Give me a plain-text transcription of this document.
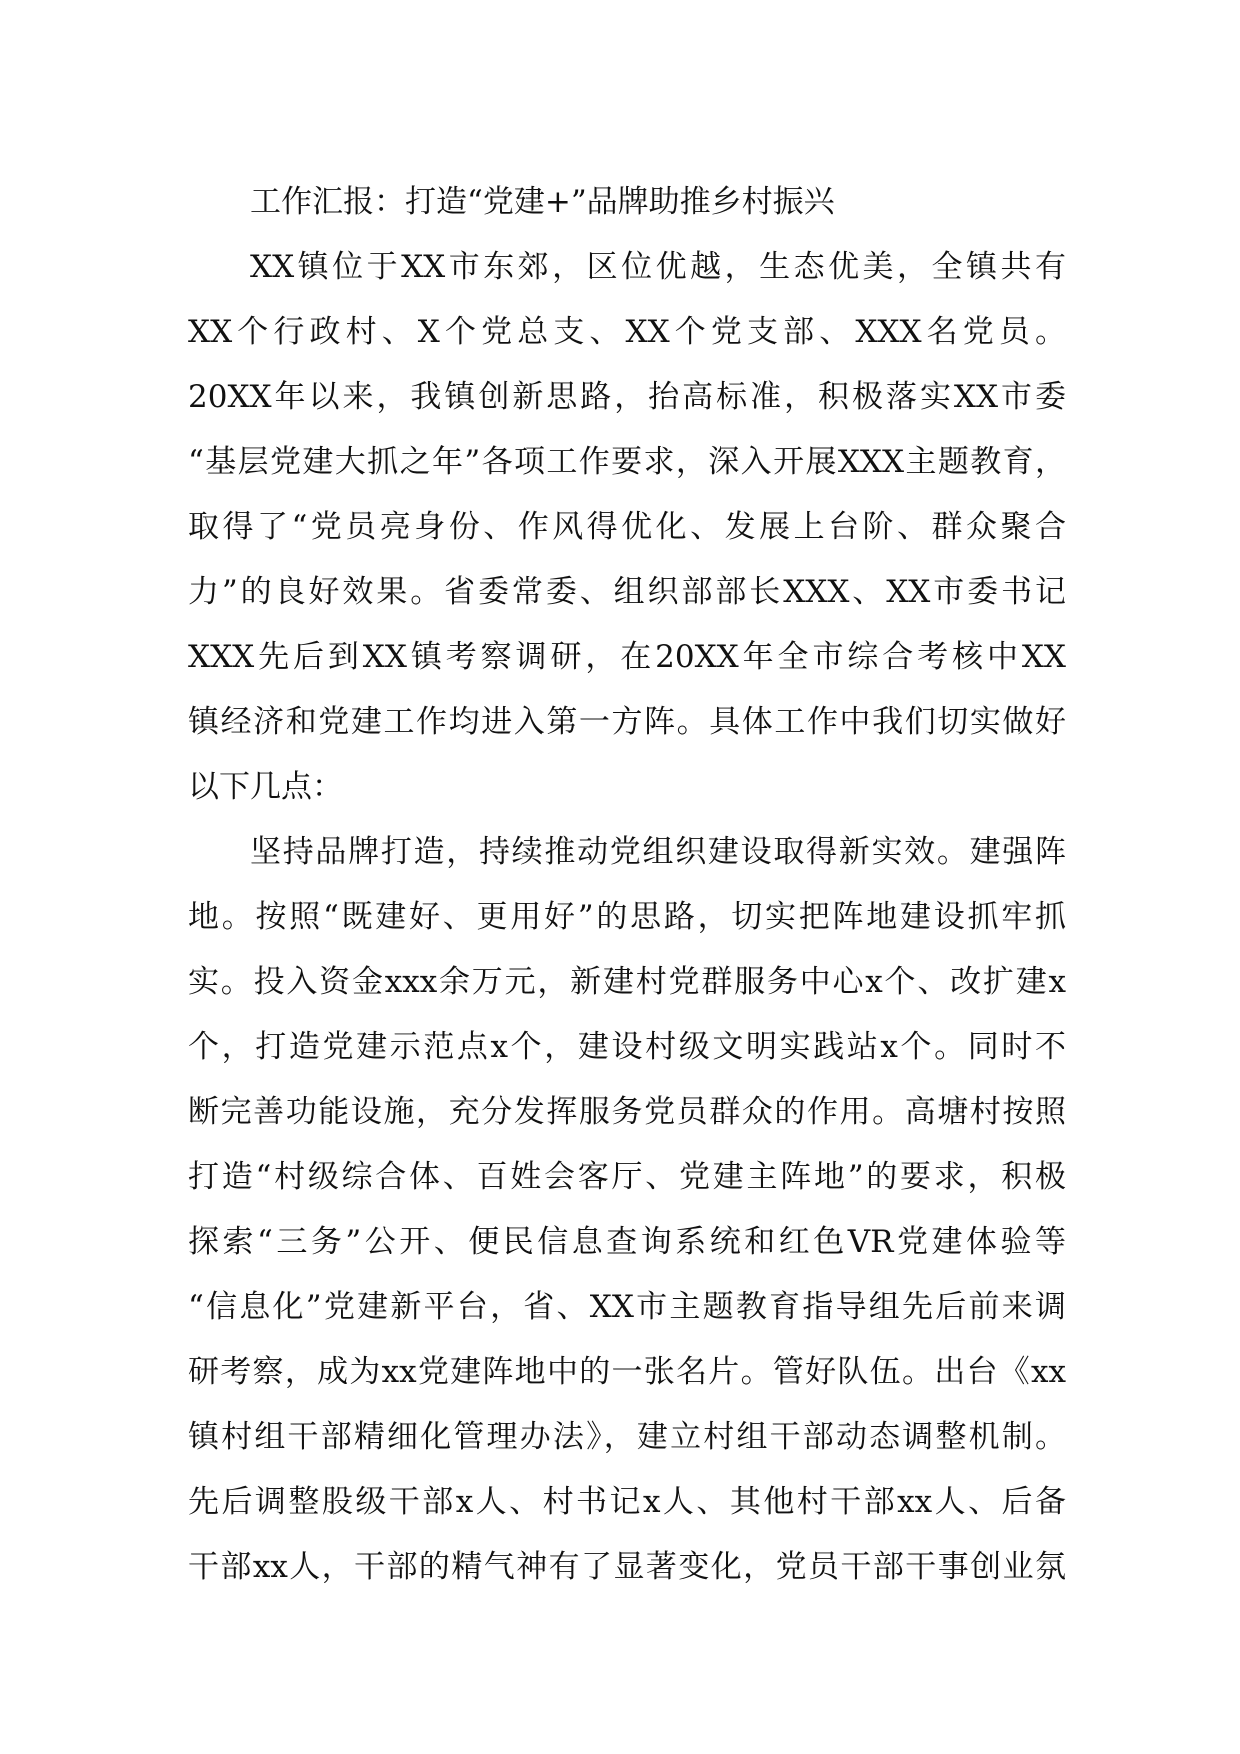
工作汇报：打造“党建+”品牌助推乡村振兴
XX镇位于XX市东郊，区位优越，生态优美，全镇共有
XX个行政村、X个党总支、XX个党支部、XXX名党员。
20XX年以来，我镇创新思路，抬高标准，积极落实XX市委
“基层党建大抓之年”各项工作要求，深入开展XXX主题教育，
取得了“党员亮身份、作风得优化、发展上台阶、群众聚合
力”的良好效果。省委常委、组织部部长XXX、XX市委书记
XXX先后到XX镇考察调研，在20XX年全市综合考核中XX
镇经济和党建工作均进入第一方阵。具体工作中我们切实做好
以下几点：
坚持品牌打造，持续推动党组织建设取得新实效。建强阵
地。按照“既建好、更用好”的思路，切实把阵地建设抓牢抓
实。投入资金xxx余万元，新建村党群服务中心x个、改扩建x
个，打造党建示范点x个，建设村级文明实践站x个。同时不
断完善功能设施，充分发挥服务党员群众的作用。高塘村按照
打造“村级综合体、百姓会客厅、党建主阵地”的要求，积极
探索“三务”公开、便民信息查询系统和红色VR党建体验等
“信息化”党建新平台，省、XX市主题教育指导组先后前来调
研考察，成为xx党建阵地中的一张名片。管好队伍。出台《xx
镇村组干部精细化管理办法》，建立村组干部动态调整机制。
先后调整股级干部x人、村书记x人、其他村干部xx人、后备
干部xx人，干部的精气神有了显著变化，党员干部干事创业氛
